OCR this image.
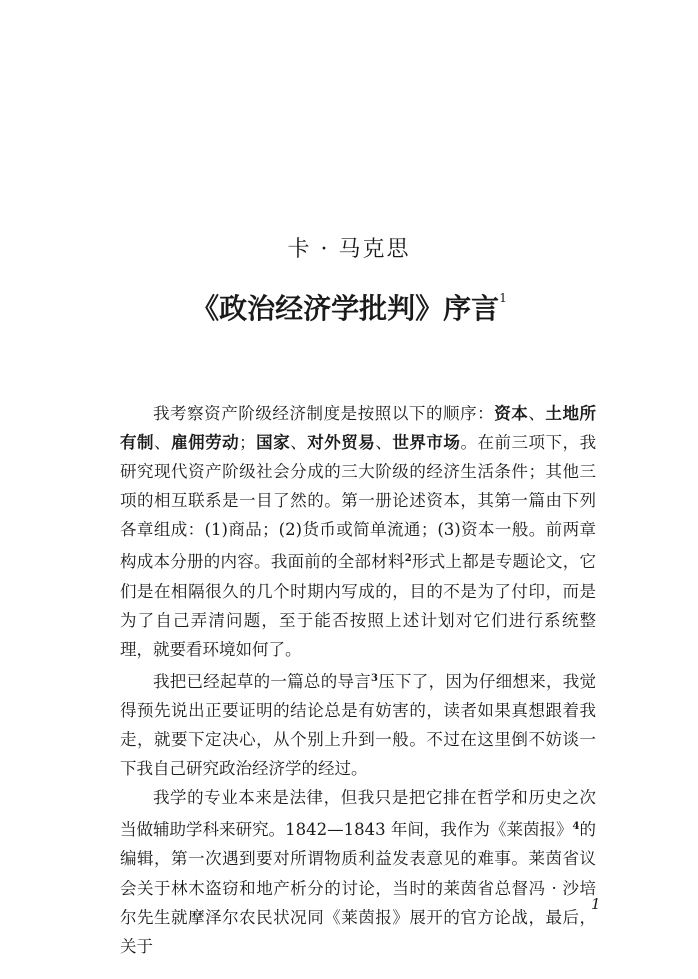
卡 · 马克思
《政治经济学批判》序言$^1$

我考察资产阶级经济制度是按照以下的顺序：资本、土地所有制、雇佣劳动；国家、对外贸易、世界市场。在前三项下，我研究现代资产阶级社会分成的三大阶级的经济生活条件；其他三项的相互联系是一目了然的。第一册论述资本，其第一篇由下列各章组成：(1)商品；(2)货币或简单流通；(3)资本一般。前两章构成本分册的内容。我面前的全部材料$^2$形式上都是专题论文，它们是在相隔很久的几个时期内写成的，目的不是为了付印，而是为了自己弄清问题，至于能否按照上述计划对它们进行系统整理，就要看环境如何了。

我把已经起草的一篇总的导言$^3$压下了，因为仔细想来，我觉得预先说出正要证明的结论总是有妨害的，读者如果真想跟着我走，就要下定决心，从个别上升到一般。不过在这里倒不妨谈一下我自己研究政治经济学的经过。

我学的专业本来是法律，但我只是把它排在哲学和历史之次当做辅助学科来研究。1842—1843 年间，我作为《莱茵报》$^4$的编辑，第一次遇到要对所谓物质利益发表意见的难事。莱茵省议会关于林木盗窃和地产析分的讨论，当时的莱茵省总督冯 · 沙培尔先生就摩泽尔农民状况同《莱茵报》展开的官方论战，最后，关于

1
